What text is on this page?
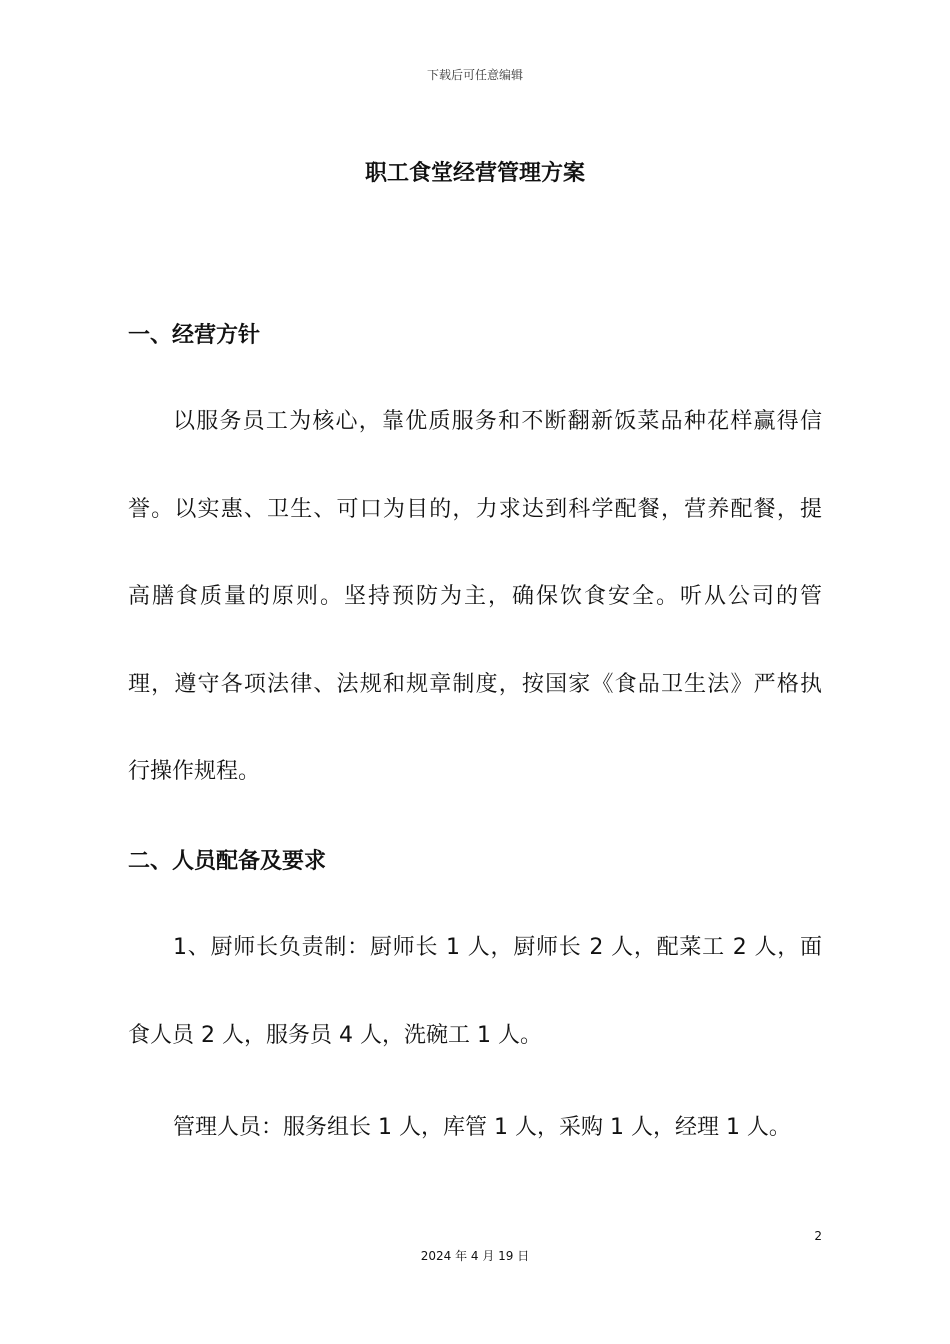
下载后可任意编辑
职工食堂经营管理方案
一、经营方针
以服务员工为核心，靠优质服务和不断翻新饭菜品种花样赢得信
誉。以实惠、卫生、可口为目的，力求达到科学配餐，营养配餐，提
高膳食质量的原则。坚持预防为主，确保饮食安全。听从公司的管
理，遵守各项法律、法规和规章制度，按国家《食品卫生法》严格执
行操作规程。
二、人员配备及要求
1、厨师长负责制：厨师长 1 人，厨师长 2 人，配菜工 2 人，面
食人员 2 人，服务员 4 人，洗碗工 1 人。
管理人员：服务组长 1 人，库管 1 人，采购 1 人，经理 1 人。
2
2024 年 4 月 19 日
